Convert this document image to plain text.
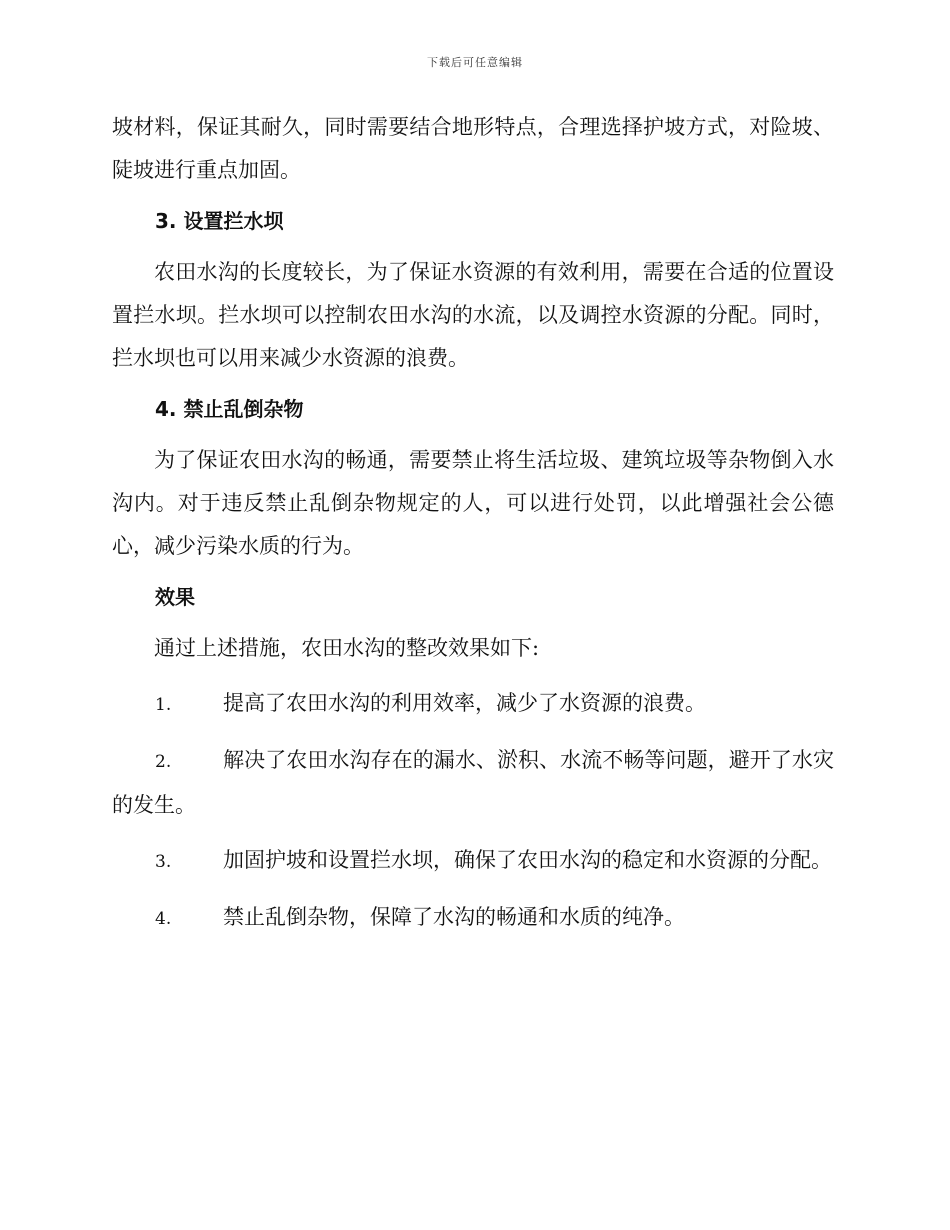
下载后可任意编辑

坡材料，保证其耐久，同时需要结合地形特点，合理选择护坡方式，对险坡、陡坡进行重点加固。

3. 设置拦水坝

农田水沟的长度较长，为了保证水资源的有效利用，需要在合适的位置设置拦水坝。拦水坝可以控制农田水沟的水流，以及调控水资源的分配。同时，拦水坝也可以用来减少水资源的浪费。

4. 禁止乱倒杂物

为了保证农田水沟的畅通，需要禁止将生活垃圾、建筑垃圾等杂物倒入水沟内。对于违反禁止乱倒杂物规定的人，可以进行处罚，以此增强社会公德心，减少污染水质的行为。

效果

通过上述措施，农田水沟的整改效果如下:

1. 提高了农田水沟的利用效率，减少了水资源的浪费。

2. 解决了农田水沟存在的漏水、淤积、水流不畅等问题，避开了水灾的发生。

3. 加固护坡和设置拦水坝，确保了农田水沟的稳定和水资源的分配。

4. 禁止乱倒杂物，保障了水沟的畅通和水质的纯净。
